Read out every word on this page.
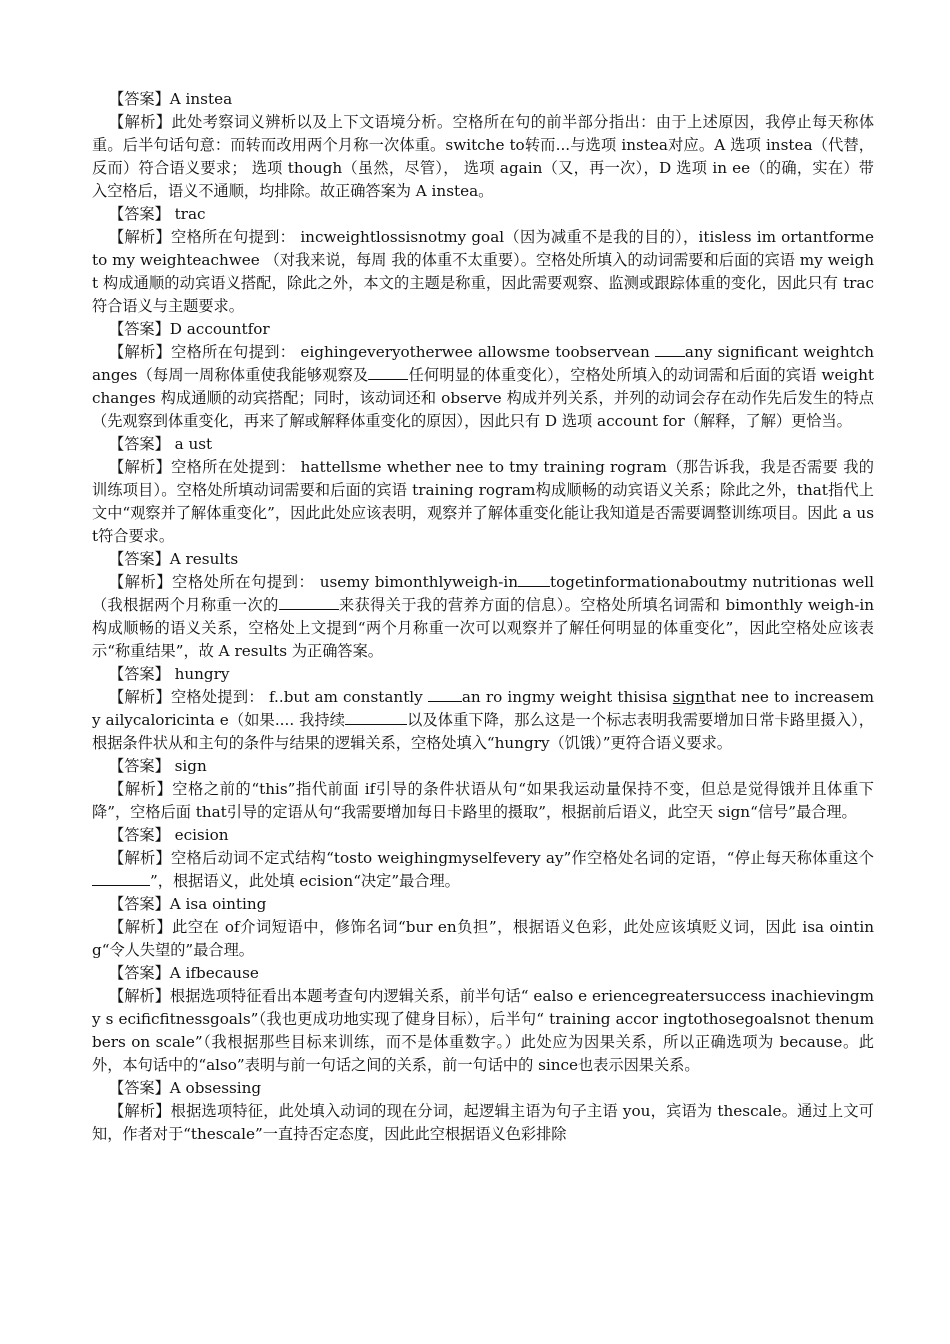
【答案】A instea

【解析】此处考察词义辨析以及上下文语境分析。空格所在句的前半部分指出：由于上述原因，我停止每天称体重。后半句话句意：而转而改用两个月称一次体重。switche to转而...与选项 instea对应。A 选项 instea（代替，反而）符合语义要求； 选项 though（虽然，尽管）， 选项 again（又，再一次），D 选项 in ee（的确，实在）带入空格后，语义不通顺，均排除。故正确答案为 A instea。

【答案】 trac

【解析】空格所在句提到： incweightlossisnotmy goal（因为减重不是我的目的），itisless im ortantforme to my weighteachwee （对我来说，每周 我的体重不太重要）。空格处所填入的动词需要和后面的宾语 my weight 构成通顺的动宾语义搭配，除此之外，本文的主题是称重，因此需要观察、监测或跟踪体重的变化，因此只有 trac 符合语义与主题要求。

【答案】D accountfor

【解析】空格所在句提到： eighingeveryotherwee allowsme toobservean any significant weightchanges（每周一周称体重使我能够观察及	任何明显的体重变化），空格处所填入的动词需和后面的宾语 weight changes 构成通顺的动宾搭配；同时，该动词还和 observe 构成并列关系，并列的动词会存在动作先后发生的特点（先观察到体重变化，再来了解或解释体重变化的原因），因此只有 D 选项 account for（解释，了解）更恰当。

【答案】 a ust

【解析】空格所在处提到： hattellsme whether nee to tmy training rogram（那告诉我，我是否需要 我的训练项目）。空格处所填动词需要和后面的宾语 training rogram构成顺畅的动宾语义关系；除此之外，that指代上文中“观察并了解体重变化”，因此此处应该表明，观察并了解体重变化能让我知道是否需要调整训练项目。因此 a ust符合要求。

【答案】A results

【解析】空格处所在句提到： usemy bimonthlyweigh-in togetinformationaboutmy nutritionas well（我根据两个月称重一次的	来获得关于我的营养方面的信息）。空格处所填名词需和 bimonthly weigh-in 构成顺畅的语义关系，空格处上文提到“两个月称重一次可以观察并了解任何明显的体重变化”，因此空格处应该表示“称重结果”，故 A results 为正确答案。

【答案】 hungry

【解析】空格处提到： f..but am constantly an ro ingmy weight thisisa signthat nee to increasemy ailycaloricinta e（如果.... 我持续	以及体重下降，那么这是一个标志表明我需要增加日常卡路里摄入），根据条件状从和主句的条件与结果的逻辑关系，空格处填入“hungry（饥饿）”更符合语义要求。

【答案】 sign

【解析】空格之前的“this”指代前面 if引导的条件状语从句“如果我运动量保持不变，但总是觉得饿并且体重下降”，空格后面 that引导的定语从句“我需要增加每日卡路里的摄取”，根据前后语义，此空天 sign“信号”最合理。

【答案】 ecision

【解析】空格后动词不定式结构“tosto weighingmyselfevery ay”作空格处名词的定语，“停止每天称体重这个”，根据语义，此处填 ecision“决定”最合理。

【答案】A isa ointing

【解析】此空在 of介词短语中，修饰名词“bur en负担”，根据语义色彩，此处应该填贬义词，因此 isa ointing“令人失望的”最合理。

【答案】A ifbecause

【解析】根据选项特征看出本题考查句内逻辑关系，前半句话“ ealso e eriencegreatersuccess inachievingmy s ecificfitnessgoals”（我也更成功地实现了健身目标），后半句“ training accor ingtothosegoalsnot thenumbers on scale”（我根据那些目标来训练，而不是体重数字。）此处应为因果关系，所以正确选项为 because。此外，本句话中的“also”表明与前一句话之间的关系，前一句话中的 since也表示因果关系。

【答案】A obsessing

【解析】根据选项特征，此处填入动词的现在分词，起逻辑主语为句子主语 you，宾语为 thescale。通过上文可知，作者对于“thescale”一直持否定态度，因此此空根据语义色彩排除
